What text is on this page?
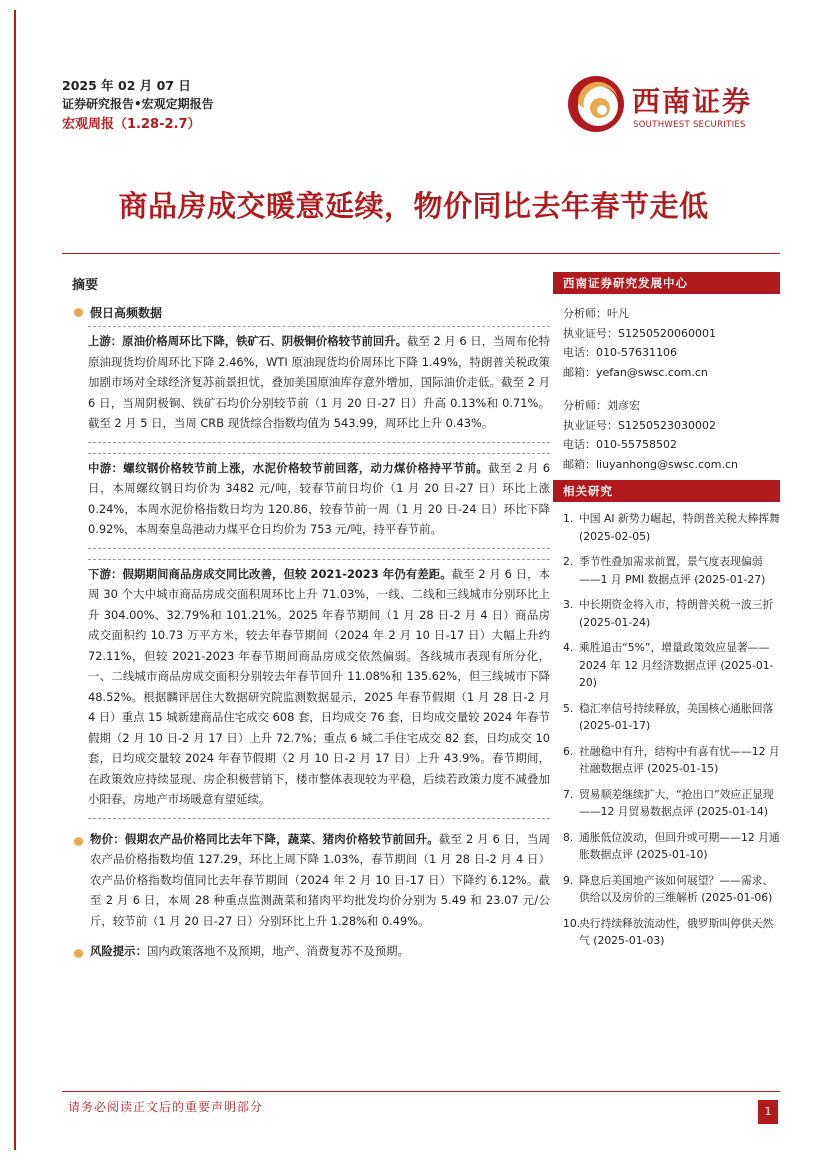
2025 年 02 月 07 日
证券研究报告•宏观定期报告
宏观周报（1.28-2.7）
西南证券
SOUTHWEST SECURITIES
商品房成交暖意延续，物价同比去年春节走低
摘要
假日高频数据
上游：原油价格周环比下降，铁矿石、阴极铜价格较节前回升。截至 2 月 6 日，当周布伦特原油现货均价周环比下降 2.46%，WTI 原油现货均价周环比下降 1.49%，特朗普关税政策加剧市场对全球经济复苏前景担忧，叠加美国原油库存意外增加，国际油价走低。截至 2 月 6 日，当周阴极铜、铁矿石均价分别较节前（1 月 20 日-27 日）升高 0.13%和 0.71%。截至 2 月 5 日，当周 CRB 现货综合指数均值为 543.99，周环比上升 0.43%。
中游：螺纹钢价格较节前上涨，水泥价格较节前回落，动力煤价格持平节前。截至 2 月 6 日，本周螺纹钢日均价为 3482 元/吨，较春节前日均价（1 月 20 日-27 日）环比上涨 0.24%，本周水泥价格指数日均为 120.86，较春节前一周（1 月 20 日-24 日）环比下降 0.92%，本周秦皇岛港动力煤平仓日均价为 753 元/吨，持平春节前。
下游：假期期间商品房成交同比改善，但较 2021-2023 年仍有差距。截至 2 月 6 日，本周 30 个大中城市商品房成交面积周环比上升 71.03%，一线、二线和三线城市分别环比上升 304.00%、32.79%和 101.21%。2025 年春节期间（1 月 28 日-2 月 4 日）商品房成交面积约 10.73 万平方米，较去年春节期间（2024 年 2 月 10 日-17 日）大幅上升约 72.11%，但较 2021-2023 年春节期间商品房成交依然偏弱。各线城市表现有所分化，一、二线城市商品房成交面积分别较去年春节回升 11.08%和 135.62%，但三线城市下降 48.52%。根据麟评居住大数据研究院监测数据显示，2025 年春节假期（1 月 28 日-2 月 4 日）重点 15 城新建商品住宅成交 608 套，日均成交 76 套，日均成交量较 2024 年春节假期（2 月 10 日-2 月 17 日）上升 72.7%；重点 6 城二手住宅成交 82 套，日均成交 10 套，日均成交量较 2024 年春节假期（2 月 10 日-2 月 17 日）上升 43.9%。春节期间，在政策效应持续显现、房企积极营销下，楼市整体表现较为平稳，后续若政策力度不减叠加小阳春，房地产市场暖意有望延续。
物价：假期农产品价格同比去年下降，蔬菜、猪肉价格较节前回升。截至 2 月 6 日，当周农产品价格指数均值 127.29，环比上周下降 1.03%，春节期间（1 月 28 日-2 月 4 日）农产品价格指数均值同比去年春节期间（2024 年 2 月 10 日-17 日）下降约 6.12%。截至 2 月 6 日，本周 28 种重点监测蔬菜和猪肉平均批发均价分别为 5.49 和 23.07 元/公斤，较节前（1 月 20 日-27 日）分别环比上升 1.28%和 0.49%。
风险提示：国内政策落地不及预期，地产、消费复苏不及预期。
西南证券研究发展中心
分析师：叶凡
执业证号：S1250520060001
电话：010-57631106
邮箱：yefan@swsc.com.cn
分析师：刘彦宏
执业证号：S1250523030002
电话：010-55758502
邮箱：liuyanhong@swsc.com.cn
相关研究
1. 中国 AI 新势力崛起，特朗普关税大棒挥舞 (2025-02-05)
2. 季节性叠加需求前置，景气度表现偏弱——1 月 PMI 数据点评 (2025-01-27)
3. 中长期资金将入市，特朗普关税一波三折 (2025-01-24)
4. 乘胜追击“5%”，增量政策效应显著——2024 年 12 月经济数据点评 (2025-01-20)
5. 稳汇率信号持续释放，美国核心通胀回落 (2025-01-17)
6. 社融稳中有升，结构中有喜有忧——12 月社融数据点评 (2025-01-15)
7. 贸易顺差继续扩大，“抢出口”效应正显现——12 月贸易数据点评 (2025-01-14)
8. 通胀低位波动，但回升或可期——12 月通胀数据点评 (2025-01-10)
9. 降息后美国地产该如何展望？——需求、供给以及房价的三维解析 (2025-01-06)
10.
央行持续释放流动性，俄罗斯叫停供天然气 (2025-01-03)
请务必阅读正文后的重要声明部分	1
